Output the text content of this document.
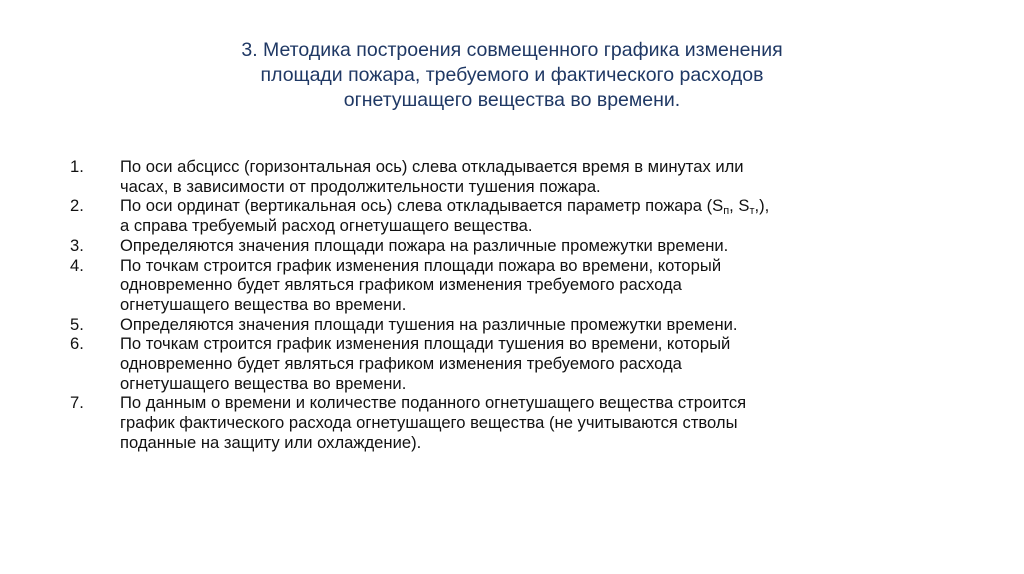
3. Методика построения совмещенного графика изменения
площади пожара, требуемого и фактического расходов
огнетушащего вещества во времени.
1.	По оси абсцисс (горизонтальная ось) слева откладывается время в минутах или
часах, в зависимости от продолжительности тушения пожара.
2.	По оси ординат (вертикальная ось) слева откладывается параметр пожара ($S_п$, $S_т$,),
а справа требуемый расход огнетушащего вещества.
3.	Определяются значения площади пожара на различные промежутки времени.
4.	По точкам строится график изменения площади пожара во времени, который
одновременно будет являться графиком изменения требуемого расхода
огнетушащего вещества во времени.
5.	Определяются значения площади тушения на различные промежутки времени.
6.	По точкам строится график изменения площади тушения во времени, который
одновременно будет являться графиком изменения требуемого расхода
огнетушащего вещества во времени.
7.	По данным о времени и количестве поданного огнетушащего вещества строится
график фактического расхода огнетушащего вещества (не учитываются стволы
поданные на защиту или охлаждение).
